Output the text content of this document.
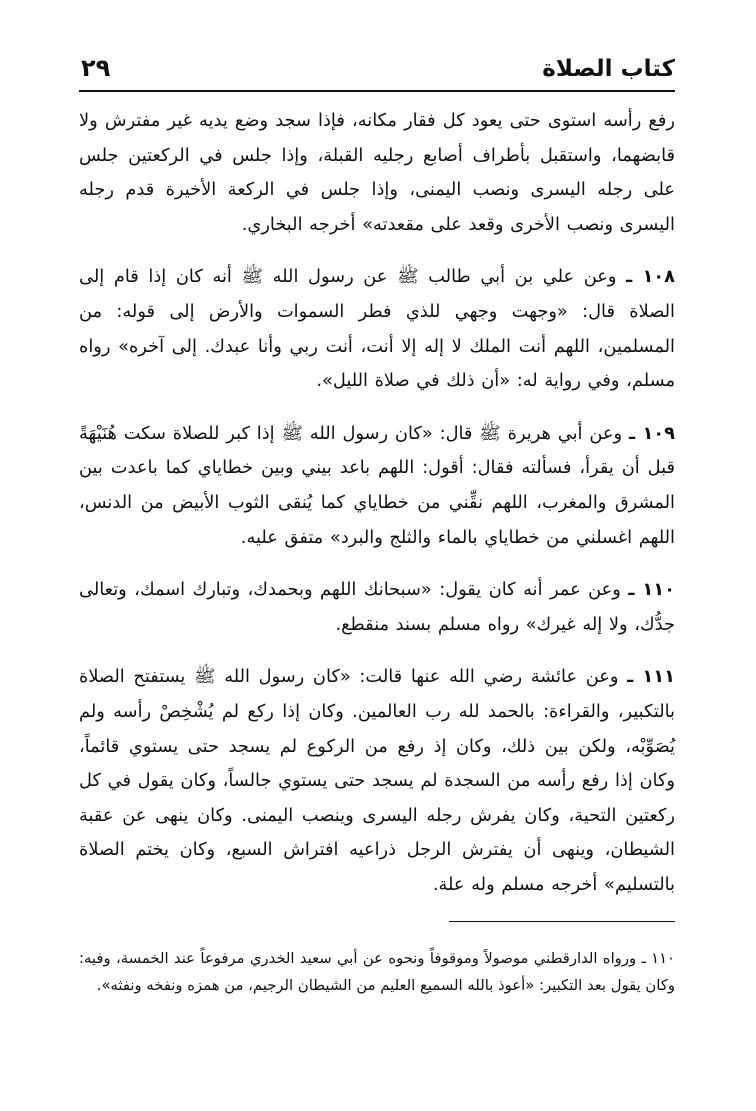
كتاب الصلاة
٢٩

رفع رأسه استوى حتى يعود كل فقار مكانه، فإذا سجد وضع يديه غير مفترش ولا قابضهما، واستقبل بأطراف أصابع رجليه القبلة، وإذا جلس في الركعتين جلس على رجله اليسرى ونصب اليمنى، وإذا جلس في الركعة الأخيرة قدم رجله اليسرى ونصب الأخرى وقعد على مقعدته» أخرجه البخاري.

١٠٨ ـ وعن علي بن أبي طالب ﷺ عن رسول الله ﷺ أنه كان إذا قام إلى الصلاة قال: «وجهت وجهي للذي فطر السموات والأرض إلى قوله: من المسلمين، اللهم أنت الملك لا إله إلا أنت، أنت ربي وأنا عبدك. إلى آخره» رواه مسلم، وفي رواية له: «أن ذلك في صلاة الليل».

١٠٩ ـ وعن أبي هريرة ﷺ قال: «كان رسول الله ﷺ إذا كبر للصلاة سكت هُنَيْهَةً قبل أن يقرأ، فسألته فقال: أقول: اللهم باعد بيني وبين خطاياي كما باعدت بين المشرق والمغرب، اللهم نقِّني من خطاياي كما يُنقى الثوب الأبيض من الدنس، اللهم اغسلني من خطاياي بالماء والثلج والبرد» متفق عليه.

١١٠ ـ وعن عمر أنه كان يقول: «سبحانك اللهم وبحمدك، وتبارك اسمك، وتعالى جدُّك، ولا إله غيرك» رواه مسلم بسند منقطع.

١١١ ـ وعن عائشة رضي الله عنها قالت: «كان رسول الله ﷺ يستفتح الصلاة بالتكبير، والقراءة: بالحمد لله رب العالمين. وكان إذا ركع لم يُشْخِصْ رأسه ولم يُصَوِّبْه، ولكن بين ذلك، وكان إذ رفع من الركوع لم يسجد حتى يستوي قائماً، وكان إذا رفع رأسه من السجدة لم يسجد حتى يستوي جالساً، وكان يقول في كل ركعتين التحية، وكان يفرش رجله اليسرى وينصب اليمنى. وكان ينهى عن عقبة الشيطان، وينهى أن يفترش الرجل ذراعيه افتراش السبع، وكان يختم الصلاة بالتسليم» أخرجه مسلم وله علة.

١١٠ ـ ورواه الدارقطني موصولاً وموقوفاً ونحوه عن أبي سعيد الخدري مرفوعاً عند الخمسة، وفيه: وكان يقول بعد التكبير: «أعوذ بالله السميع العليم من الشيطان الرجيم، من همزه ونفخه ونفثه».
